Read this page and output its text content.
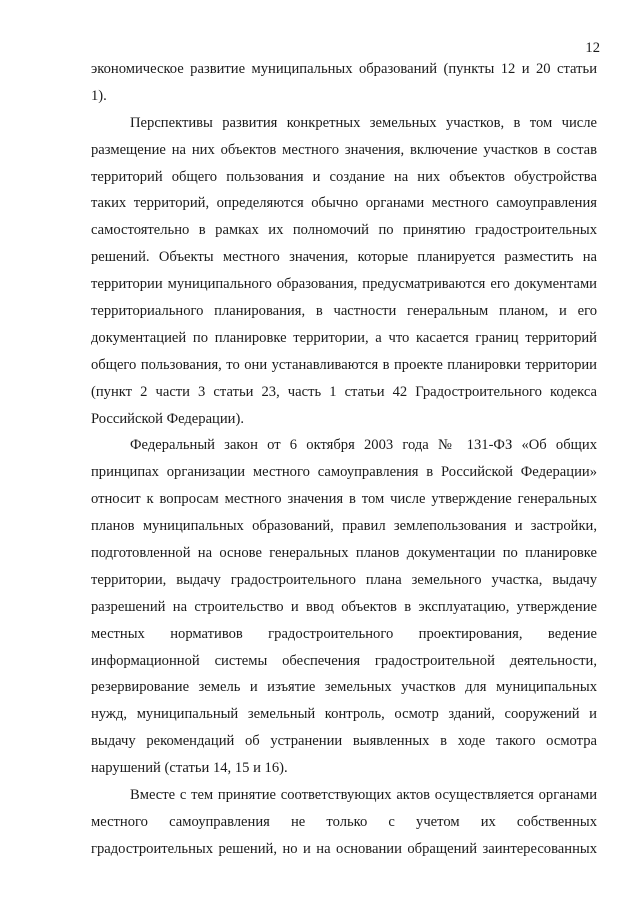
12
экономическое развитие муниципальных образований (пункты 12 и 20 статьи
1).
Перспективы развития конкретных земельных участков, в том числе
размещение на них объектов местного значения, включение участков в состав
территорий общего пользования и создание на них объектов обустройства
таких территорий, определяются обычно органами местного самоуправления
самостоятельно в рамках их полномочий по принятию градостроительных
решений. Объекты местного значения, которые планируется разместить на
территории муниципального образования, предусматриваются его документами
территориального планирования, в частности генеральным планом, и его
документацией по планировке территории, а что касается границ территорий
общего пользования, то они устанавливаются в проекте планировки территории
(пункт 2 части 3 статьи 23, часть 1 статьи 42 Градостроительного кодекса
Российской Федерации).
Федеральный закон от 6 октября 2003 года № 131-ФЗ «Об общих
принципах организации местного самоуправления в Российской Федерации»
относит к вопросам местного значения в том числе утверждение генеральных
планов муниципальных образований, правил землепользования и застройки,
подготовленной на основе генеральных планов документации по планировке
территории, выдачу градостроительного плана земельного участка, выдачу
разрешений на строительство и ввод объектов в эксплуатацию, утверждение
местных нормативов градостроительного проектирования, ведение
информационной системы обеспечения градостроительной деятельности,
резервирование земель и изъятие земельных участков для муниципальных
нужд, муниципальный земельный контроль, осмотр зданий, сооружений и
выдачу рекомендаций об устранении выявленных в ходе такого осмотра
нарушений (статьи 14, 15 и 16).
Вместе с тем принятие соответствующих актов осуществляется органами
местного самоуправления не только с учетом их собственных
градостроительных решений, но и на основании обращений заинтересованных
